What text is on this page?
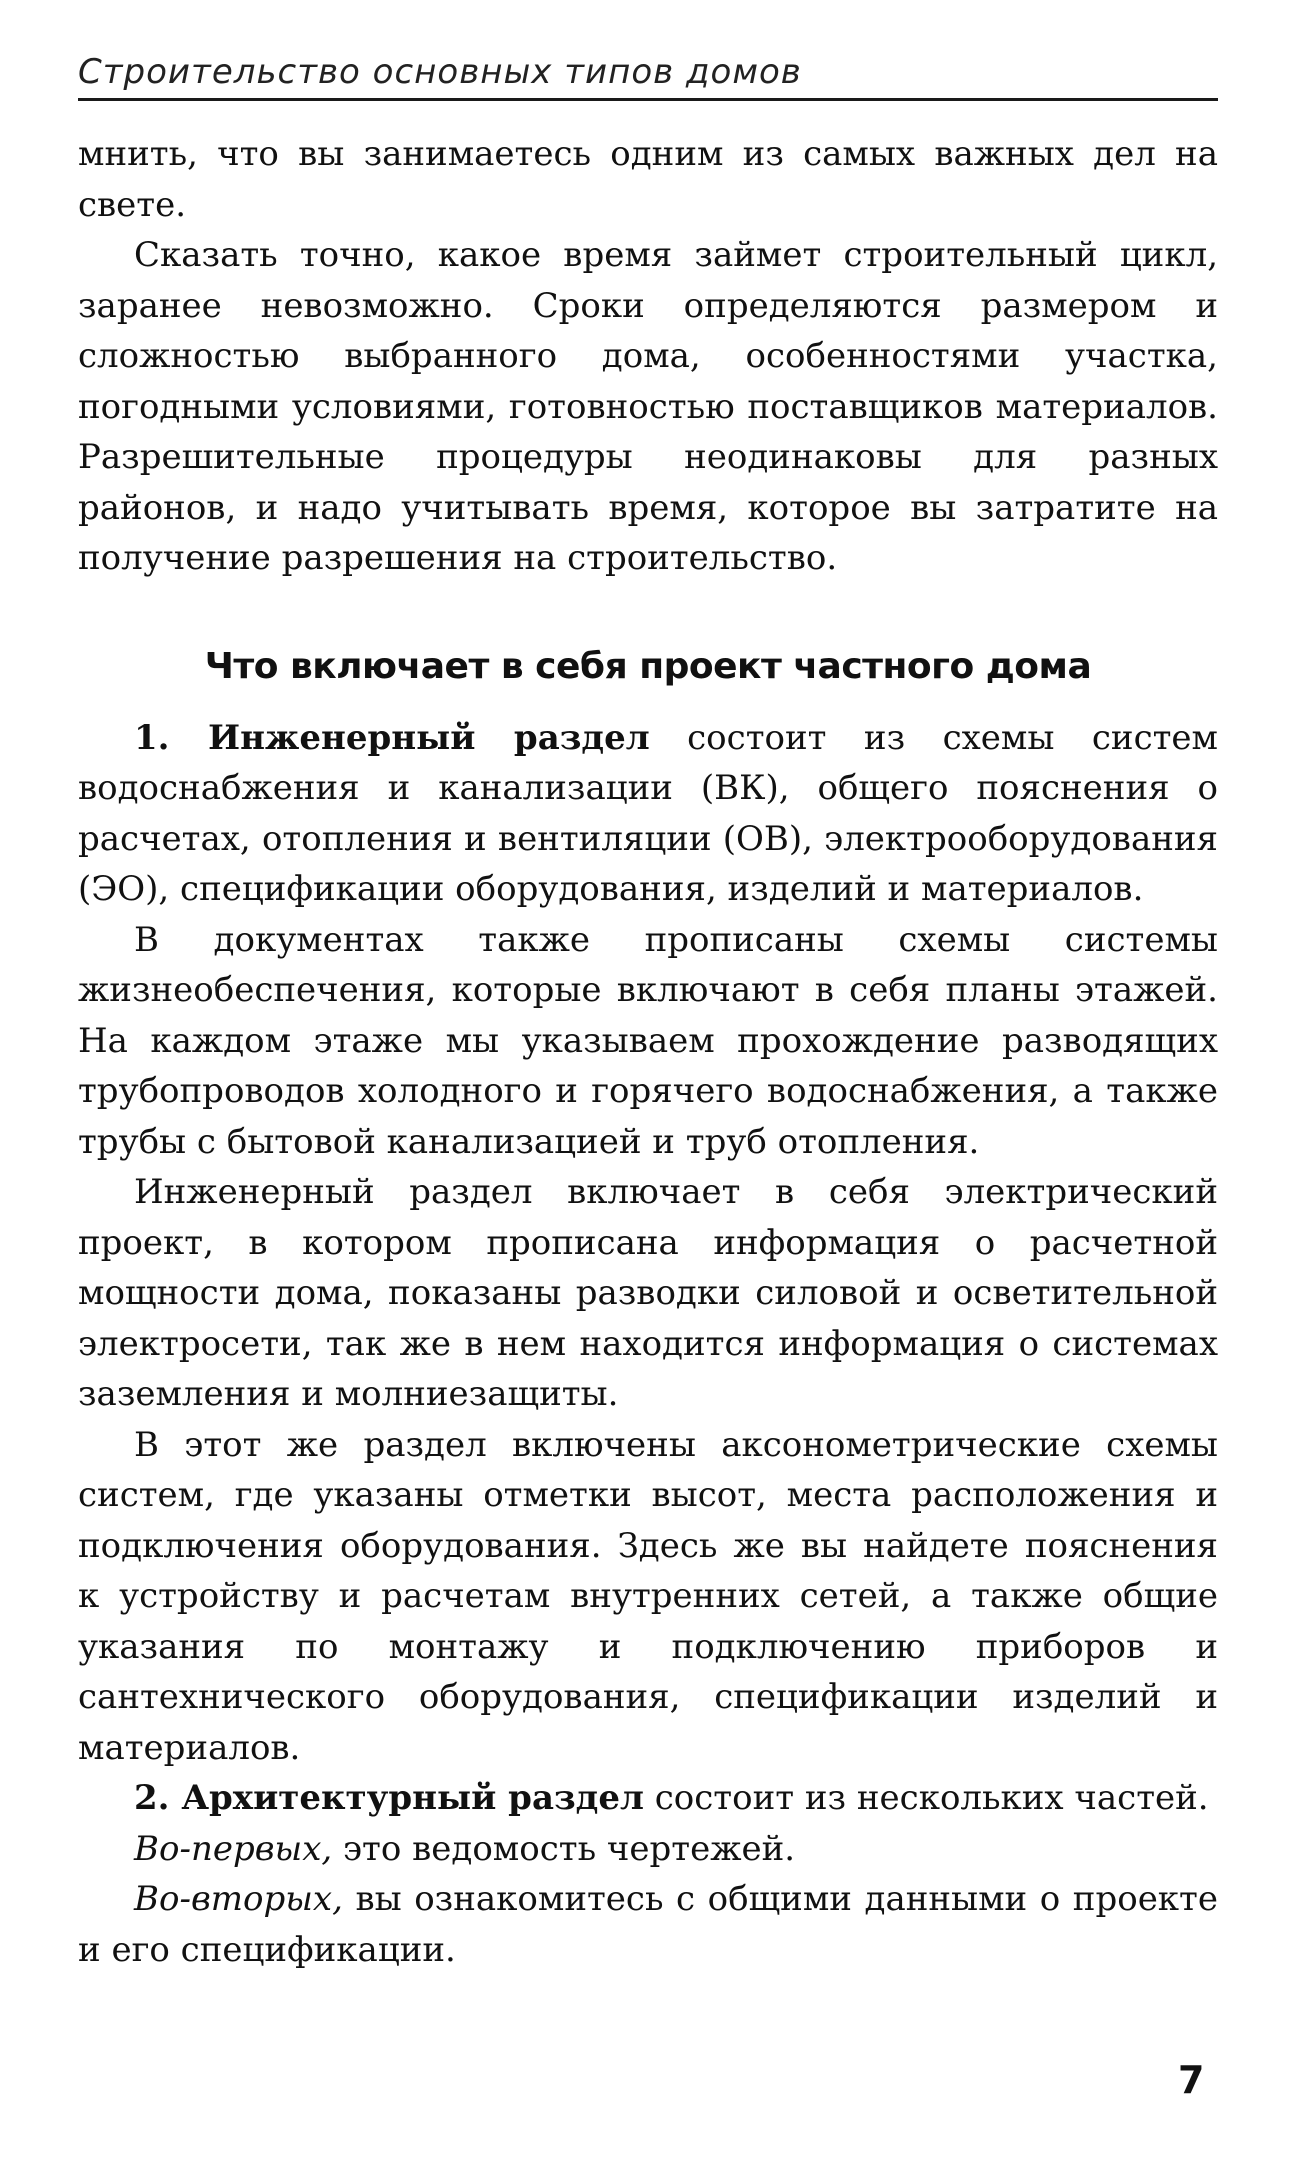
Строительство основных типов домов

мнить, что вы занимаетесь одним из самых важных дел на свете.

Сказать точно, какое время займет строительный цикл, заранее невозможно. Сроки определяются размером и сложностью выбранного дома, особенностями участка, погодными условиями, готовностью поставщиков материалов. Разрешительные процедуры неодинаковы для разных районов, и надо учитывать время, которое вы затратите на получение разрешения на строительство.

Что включает в себя проект частного дома

1. Инженерный раздел состоит из схемы систем водоснабжения и канализации (ВК), общего пояснения о расчетах, отопления и вентиляции (ОВ), электрооборудования (ЭО), спецификации оборудования, изделий и материалов.

В документах также прописаны схемы системы жизнеобеспечения, которые включают в себя планы этажей. На каждом этаже мы указываем прохождение разводящих трубопроводов холодного и горячего водоснабжения, а также трубы с бытовой канализацией и труб отопления.

Инженерный раздел включает в себя электрический проект, в котором прописана информация о расчетной мощности дома, показаны разводки силовой и осветительной электросети, так же в нем находится информация о системах заземления и молниезащиты.

В этот же раздел включены аксонометрические схемы систем, где указаны отметки высот, места расположения и подключения оборудования. Здесь же вы найдете пояснения к устройству и расчетам внутренних сетей, а также общие указания по монтажу и подключению приборов и сантехнического оборудования, спецификации изделий и материалов.

2. Архитектурный раздел состоит из нескольких частей.

Во-первых, это ведомость чертежей.

Во-вторых, вы ознакомитесь с общими данными о проекте и его спецификации.

7
